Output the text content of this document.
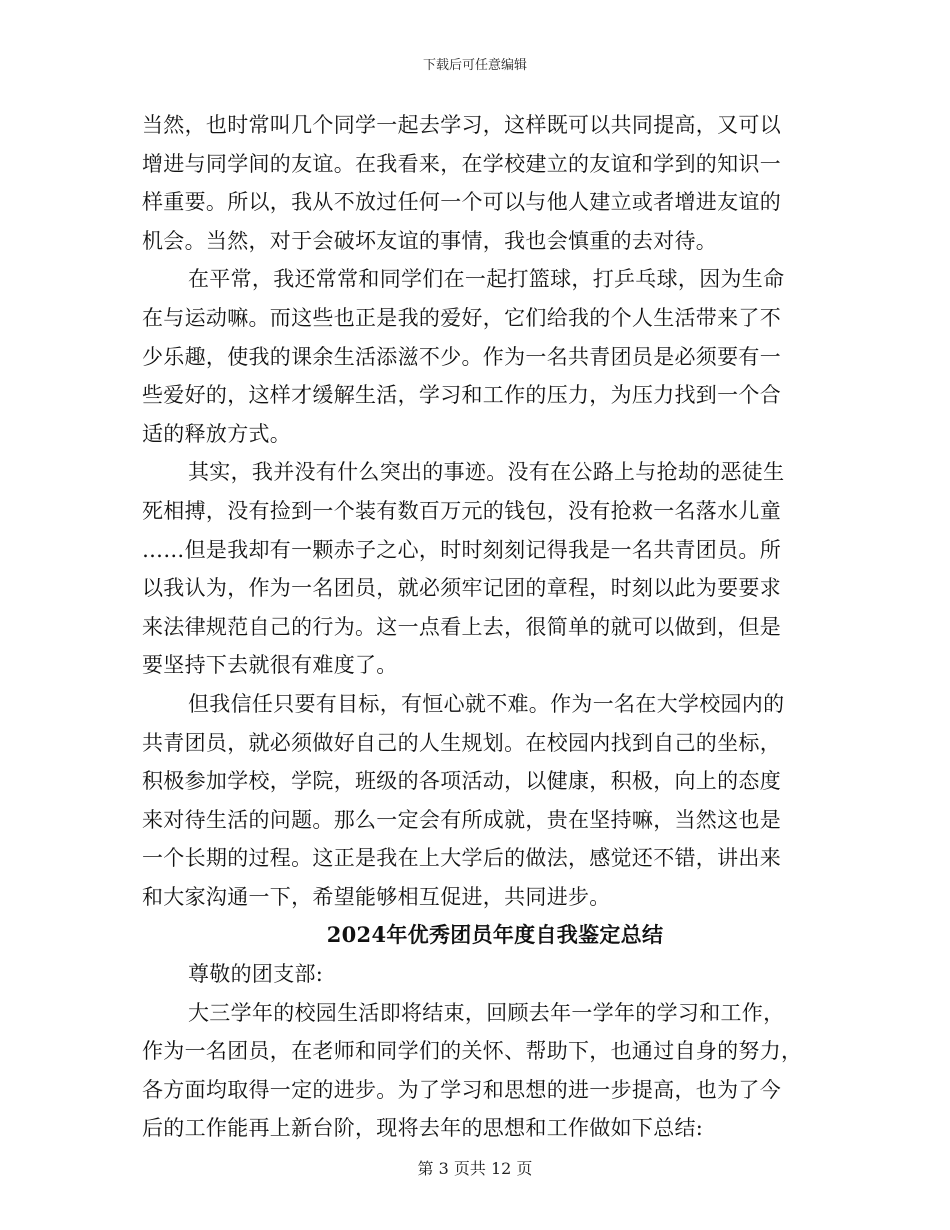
下载后可任意编辑
当然，也时常叫几个同学一起去学习，这样既可以共同提高，又可以
增进与同学间的友谊。在我看来，在学校建立的友谊和学到的知识一
样重要。所以，我从不放过任何一个可以与他人建立或者增进友谊的
机会。当然，对于会破坏友谊的事情，我也会慎重的去对待。
在平常，我还常常和同学们在一起打篮球，打乒乓球，因为生命
在与运动嘛。而这些也正是我的爱好，它们给我的个人生活带来了不
少乐趣，使我的课余生活添滋不少。作为一名共青团员是必须要有一
些爱好的，这样才缓解生活，学习和工作的压力，为压力找到一个合
适的释放方式。
其实，我并没有什么突出的事迹。没有在公路上与抢劫的恶徒生
死相搏，没有捡到一个装有数百万元的钱包，没有抢救一名落水儿童
……但是我却有一颗赤子之心，时时刻刻记得我是一名共青团员。所
以我认为，作为一名团员，就必须牢记团的章程，时刻以此为要要求
来法律规范自己的行为。这一点看上去，很简单的就可以做到，但是
要坚持下去就很有难度了。
但我信任只要有目标，有恒心就不难。作为一名在大学校园内的
共青团员，就必须做好自己的人生规划。在校园内找到自己的坐标，
积极参加学校，学院，班级的各项活动，以健康，积极，向上的态度
来对待生活的问题。那么一定会有所成就，贵在坚持嘛，当然这也是
一个长期的过程。这正是我在上大学后的做法，感觉还不错，讲出来
和大家沟通一下，希望能够相互促进，共同进步。
2024年优秀团员年度自我鉴定总结
尊敬的团支部:
大三学年的校园生活即将结束，回顾去年一学年的学习和工作，
作为一名团员，在老师和同学们的关怀、帮助下，也通过自身的努力，
各方面均取得一定的进步。为了学习和思想的进一步提高，也为了今
后的工作能再上新台阶，现将去年的思想和工作做如下总结:
第 3 页共 12 页
